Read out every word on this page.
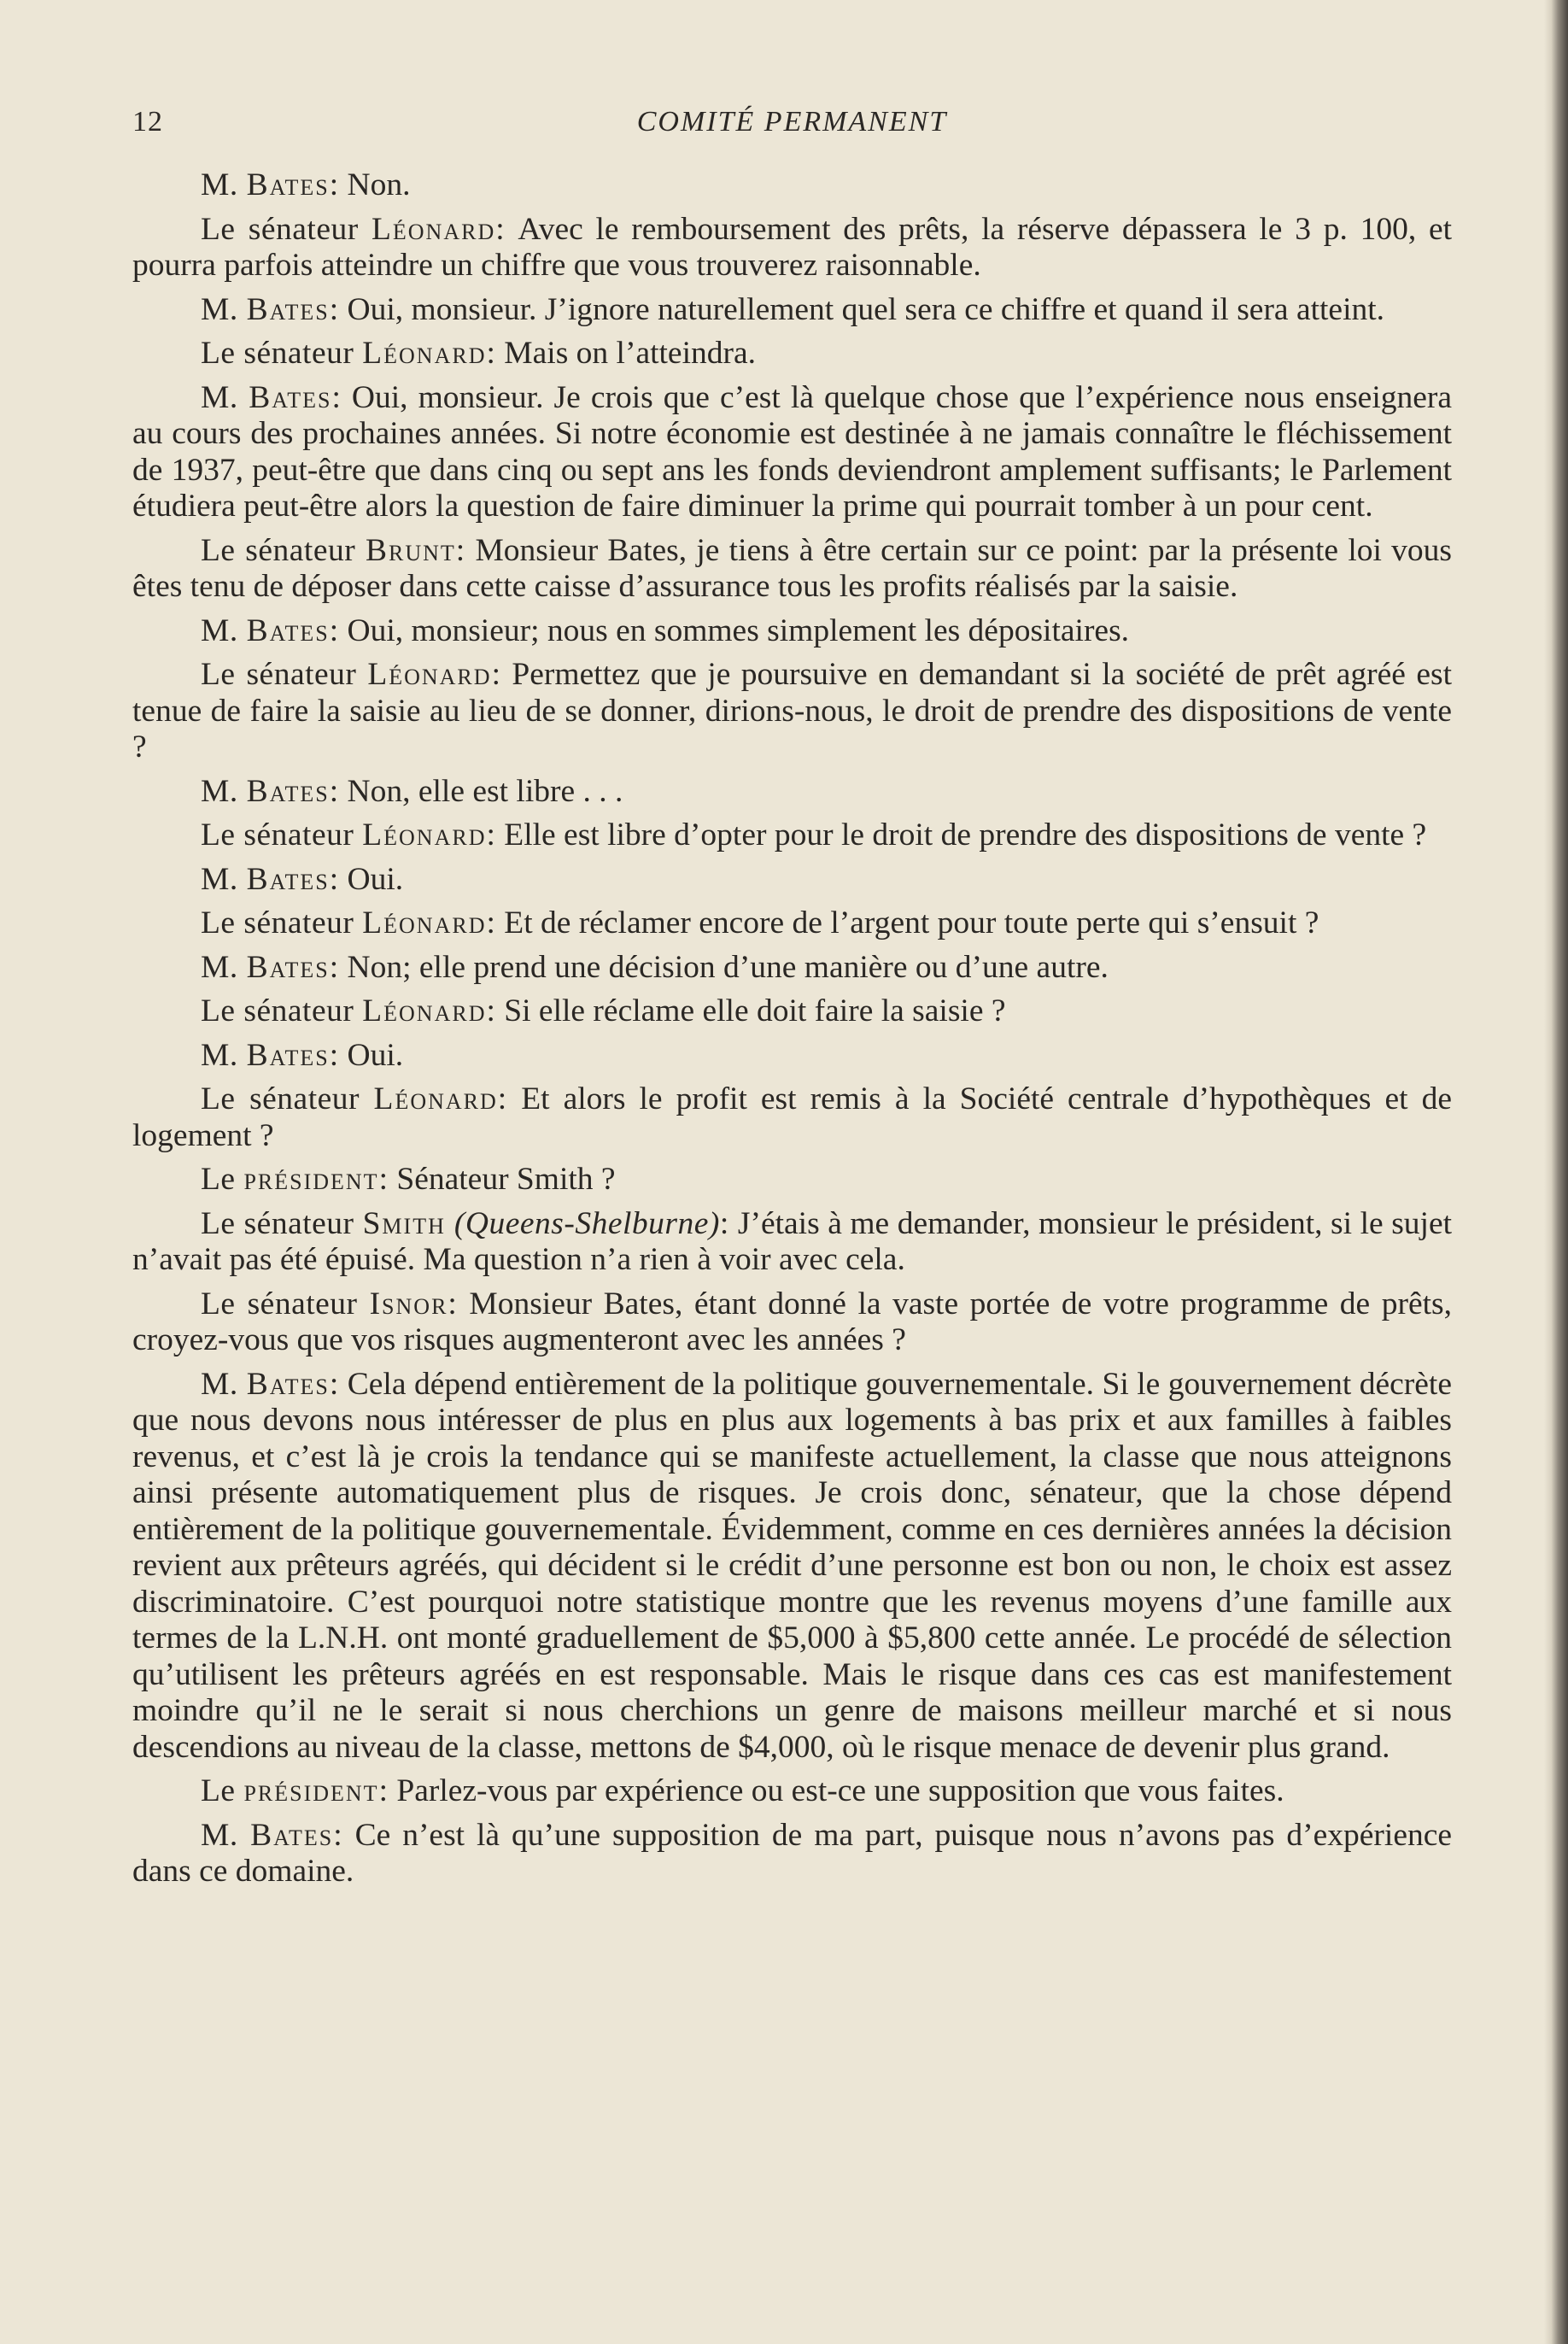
12	COMITÉ PERMANENT

M. Bates: Non.

Le sénateur Léonard: Avec le remboursement des prêts, la réserve dépassera le 3 p. 100, et pourra parfois atteindre un chiffre que vous trouverez raisonnable.

M. Bates: Oui, monsieur. J’ignore naturellement quel sera ce chiffre et quand il sera atteint.

Le sénateur Léonard: Mais on l’atteindra.

M. Bates: Oui, monsieur. Je crois que c’est là quelque chose que l’expérience nous enseignera au cours des prochaines années. Si notre économie est destinée à ne jamais connaître le fléchissement de 1937, peut-être que dans cinq ou sept ans les fonds deviendront amplement suffisants; le Parlement étudiera peut-être alors la question de faire diminuer la prime qui pourrait tomber à un pour cent.

Le sénateur Brunt: Monsieur Bates, je tiens à être certain sur ce point: par la présente loi vous êtes tenu de déposer dans cette caisse d’assurance tous les profits réalisés par la saisie.

M. Bates: Oui, monsieur; nous en sommes simplement les dépositaires.

Le sénateur Léonard: Permettez que je poursuive en demandant si la société de prêt agréé est tenue de faire la saisie au lieu de se donner, dirions-nous, le droit de prendre des dispositions de vente ?

M. Bates: Non, elle est libre . . .

Le sénateur Léonard: Elle est libre d’opter pour le droit de prendre des dispositions de vente ?

M. Bates: Oui.

Le sénateur Léonard: Et de réclamer encore de l’argent pour toute perte qui s’ensuit ?

M. Bates: Non; elle prend une décision d’une manière ou d’une autre.

Le sénateur Léonard: Si elle réclame elle doit faire la saisie ?

M. Bates: Oui.

Le sénateur Léonard: Et alors le profit est remis à la Société centrale d’hypothèques et de logement ?

Le président: Sénateur Smith ?

Le sénateur Smith (Queens-Shelburne): J’étais à me demander, monsieur le président, si le sujet n’avait pas été épuisé. Ma question n’a rien à voir avec cela.

Le sénateur Isnor: Monsieur Bates, étant donné la vaste portée de votre programme de prêts, croyez-vous que vos risques augmenteront avec les années ?

M. Bates: Cela dépend entièrement de la politique gouvernementale. Si le gouvernement décrète que nous devons nous intéresser de plus en plus aux logements à bas prix et aux familles à faibles revenus, et c’est là je crois la tendance qui se manifeste actuellement, la classe que nous atteignons ainsi présente automatiquement plus de risques. Je crois donc, sénateur, que la chose dépend entièrement de la politique gouvernementale. Évidemment, comme en ces dernières années la décision revient aux prêteurs agréés, qui décident si le crédit d’une personne est bon ou non, le choix est assez discriminatoire. C’est pourquoi notre statistique montre que les revenus moyens d’une famille aux termes de la L.N.H. ont monté graduellement de $5,000 à $5,800 cette année. Le procédé de sélection qu’utilisent les prêteurs agréés en est responsable. Mais le risque dans ces cas est manifestement moindre qu’il ne le serait si nous cherchions un genre de maisons meilleur marché et si nous descendions au niveau de la classe, mettons de $4,000, où le risque menace de devenir plus grand.

Le président: Parlez-vous par expérience ou est-ce une supposition que vous faites.

M. Bates: Ce n’est là qu’une supposition de ma part, puisque nous n’avons pas d’expérience dans ce domaine.
